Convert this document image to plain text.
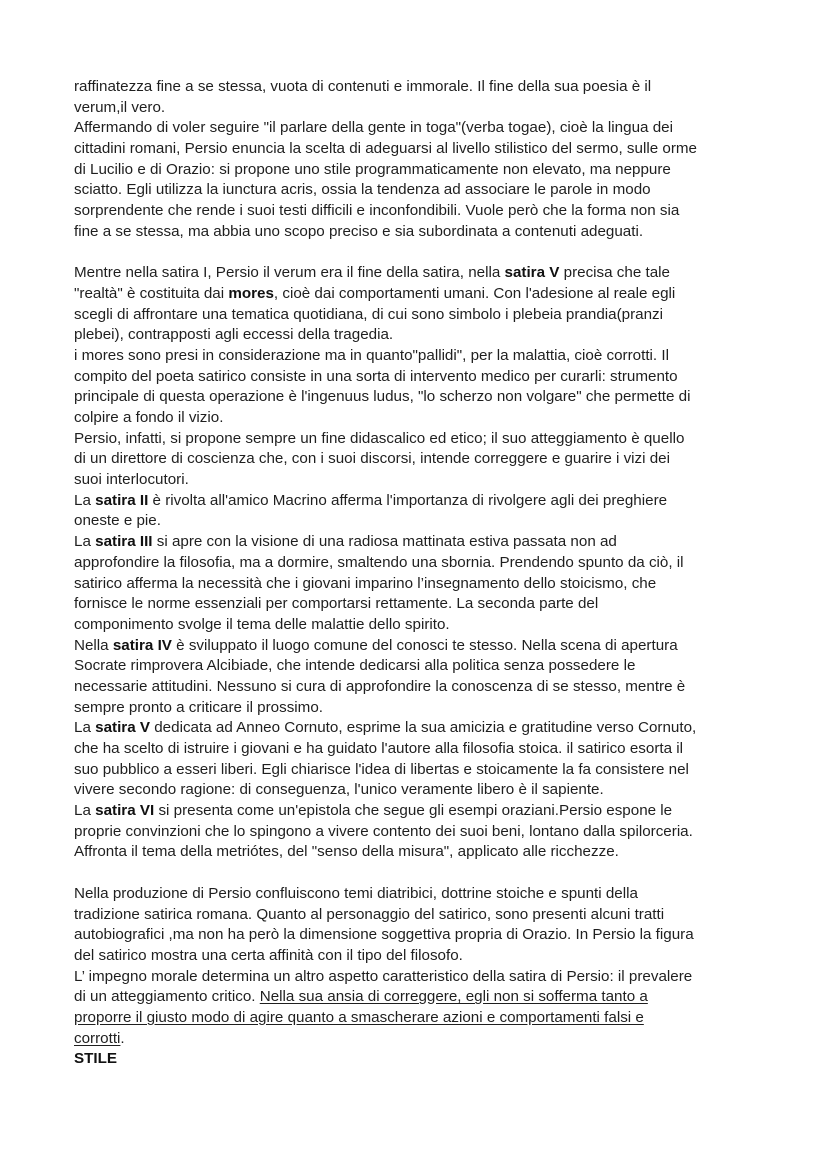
raffinatezza fine a se stessa, vuota di contenuti e immorale. Il fine della sua poesia è il
verum,il vero.
Affermando di voler seguire "il parlare della gente in toga"(verba togae), cioè la lingua dei
cittadini romani, Persio enuncia la scelta di adeguarsi al livello stilistico del sermo, sulle orme
di Lucilio e di Orazio: si propone uno stile programmaticamente non elevato, ma neppure
sciatto. Egli utilizza la iunctura acris, ossia la tendenza ad associare le parole in modo
sorprendente che rende i suoi testi difficili e inconfondibili. Vuole però che la forma non sia
fine a se stessa, ma abbia uno scopo preciso e sia subordinata a contenuti adeguati.
Mentre nella satira I, Persio il verum era il fine della satira, nella satira V precisa che tale
"realtà" è costituita dai mores, cioè dai comportamenti umani. Con l'adesione al reale egli
scegli di affrontare una tematica quotidiana, di cui sono simbolo i plebeia prandia(pranzi
plebei), contrapposti agli eccessi della tragedia.
i mores sono presi in considerazione ma in quanto"pallidi", per la malattia, cioè corrotti. Il
compito del poeta satirico consiste in una sorta di intervento medico per curarli: strumento
principale di questa operazione è l'ingenuus ludus, "lo scherzo non volgare" che permette di
colpire a fondo il vizio.
Persio, infatti, si propone sempre un fine didascalico ed etico; il suo atteggiamento è quello
di un direttore di coscienza che, con i suoi discorsi, intende correggere e guarire i vizi dei
suoi interlocutori.
La satira II è rivolta all'amico Macrino afferma l'importanza di rivolgere agli dei preghiere
oneste e pie.
La satira III si apre con la visione di una radiosa mattinata estiva passata non ad
approfondire la filosofia, ma a dormire, smaltendo una sbornia. Prendendo spunto da ciò, il
satirico afferma la necessità che i giovani imparino l’insegnamento dello stoicismo, che
fornisce le norme essenziali per comportarsi rettamente. La seconda parte del
componimento svolge il tema delle malattie dello spirito.
Nella satira IV è sviluppato il luogo comune del conosci te stesso. Nella scena di apertura
Socrate rimprovera Alcibiade, che intende dedicarsi alla politica senza possedere le
necessarie attitudini. Nessuno si cura di approfondire la conoscenza di se stesso, mentre è
sempre pronto a criticare il prossimo.
La satira V dedicata ad Anneo Cornuto, esprime la sua amicizia e gratitudine verso Cornuto,
che ha scelto di istruire i giovani e ha guidato l'autore alla filosofia stoica. il satirico esorta il
suo pubblico a esseri liberi. Egli chiarisce l'idea di libertas e stoicamente la fa consistere nel
vivere secondo ragione: di conseguenza, l'unico veramente libero è il sapiente.
La satira VI si presenta come un'epistola che segue gli esempi oraziani.Persio espone le
proprie convinzioni che lo spingono a vivere contento dei suoi beni, lontano dalla spilorceria.
Affronta il tema della metriótes, del "senso della misura", applicato alle ricchezze.
Nella produzione di Persio confluiscono temi diatribici, dottrine stoiche e spunti della
tradizione satirica romana. Quanto al personaggio del satirico, sono presenti alcuni tratti
autobiografici ,ma non ha però la dimensione soggettiva propria di Orazio. In Persio la figura
del satirico mostra una certa affinità con il tipo del filosofo.
L’ impegno morale determina un altro aspetto caratteristico della satira di Persio: il prevalere
di un atteggiamento critico. Nella sua ansia di correggere, egli non si sofferma tanto a
proporre il giusto modo di agire quanto a smascherare azioni e comportamenti falsi e
corrotti.
STILE
